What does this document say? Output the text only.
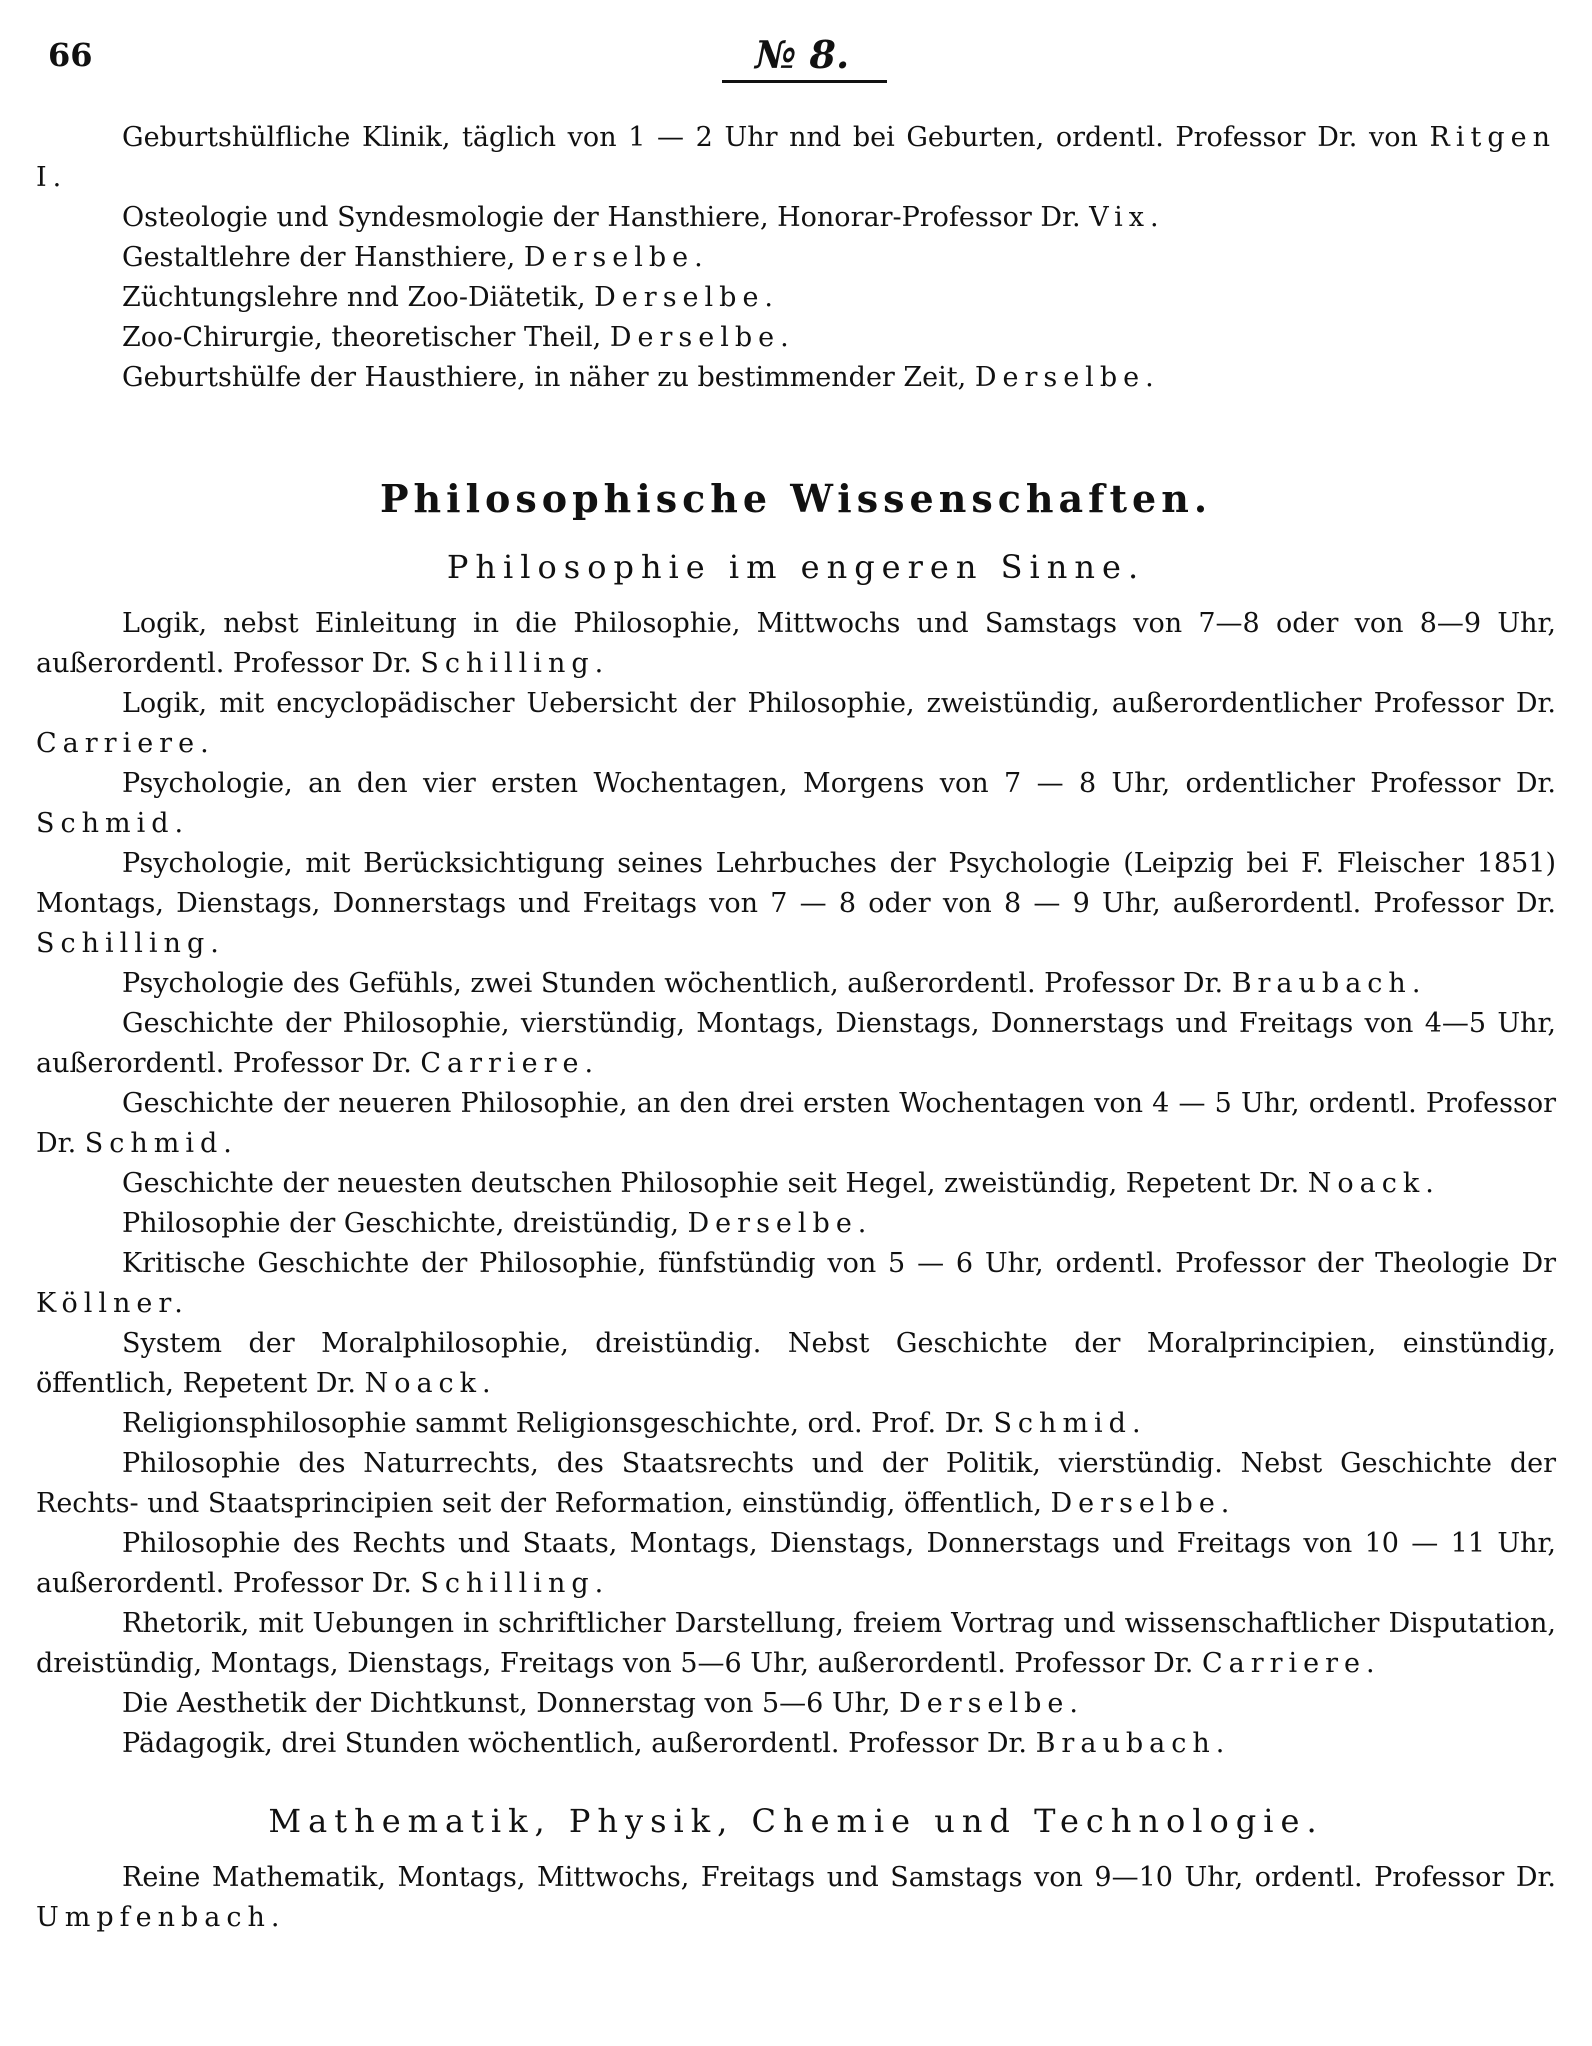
66	№ 8.

Geburtshülfliche Klinik, täglich von 1 — 2 Uhr nnd bei Geburten, ordentl. Professor Dr. von Ritgen I.

Osteologie und Syndesmologie der Hansthiere, Honorar-Professor Dr. Vix.

Gestaltlehre der Hansthiere, Derselbe.

Züchtungslehre nnd Zoo-Diätetik, Derselbe.

Zoo-Chirurgie, theoretischer Theil, Derselbe.

Geburtshülfe der Hausthiere, in näher zu bestimmender Zeit, Derselbe.

Philosophische Wissenschaften.
Philosophie im engeren Sinne.

Logik, nebst Einleitung in die Philosophie, Mittwochs und Samstags von 7—8 oder von 8—9 Uhr, außerordentl. Professor Dr. Schilling.

Logik, mit encyclopädischer Uebersicht der Philosophie, zweistündig, außerordentlicher Professor Dr. Carriere.

Psychologie, an den vier ersten Wochentagen, Morgens von 7 — 8 Uhr, ordentlicher Professor Dr. Schmid.

Psychologie, mit Berücksichtigung seines Lehrbuches der Psychologie (Leipzig bei F. Fleischer 1851) Montags, Dienstags, Donnerstags und Freitags von 7 — 8 oder von 8 — 9 Uhr, außerordentl. Professor Dr. Schilling.

Psychologie des Gefühls, zwei Stunden wöchentlich, außerordentl. Professor Dr. Braubach.

Geschichte der Philosophie, vierstündig, Montags, Dienstags, Donnerstags und Freitags von 4—5 Uhr, außerordentl. Professor Dr. Carriere.

Geschichte der neueren Philosophie, an den drei ersten Wochentagen von 4 — 5 Uhr, ordentl. Professor Dr. Schmid.

Geschichte der neuesten deutschen Philosophie seit Hegel, zweistündig, Repetent Dr. Noack.

Philosophie der Geschichte, dreistündig, Derselbe.

Kritische Geschichte der Philosophie, fünfstündig von 5 — 6 Uhr, ordentl. Professor der Theologie Dr Köllner.

System der Moralphilosophie, dreistündig. Nebst Geschichte der Moralprincipien, einstündig, öffentlich, Repetent Dr. Noack.

Religionsphilosophie sammt Religionsgeschichte, ord. Prof. Dr. Schmid.

Philosophie des Naturrechts, des Staatsrechts und der Politik, vierstündig. Nebst Geschichte der Rechts- und Staatsprincipien seit der Reformation, einstündig, öffentlich, Derselbe.

Philosophie des Rechts und Staats, Montags, Dienstags, Donnerstags und Freitags von 10 — 11 Uhr, außerordentl. Professor Dr. Schilling.

Rhetorik, mit Uebungen in schriftlicher Darstellung, freiem Vortrag und wissenschaftlicher Disputation, dreistündig, Montags, Dienstags, Freitags von 5—6 Uhr, außerordentl. Professor Dr. Carriere.

Die Aesthetik der Dichtkunst, Donnerstag von 5—6 Uhr, Derselbe.

Pädagogik, drei Stunden wöchentlich, außerordentl. Professor Dr. Braubach.

Mathematik, Physik, Chemie und Technologie.

Reine Mathematik, Montags, Mittwochs, Freitags und Samstags von 9—10 Uhr, ordentl. Professor Dr. Umpfenbach.
